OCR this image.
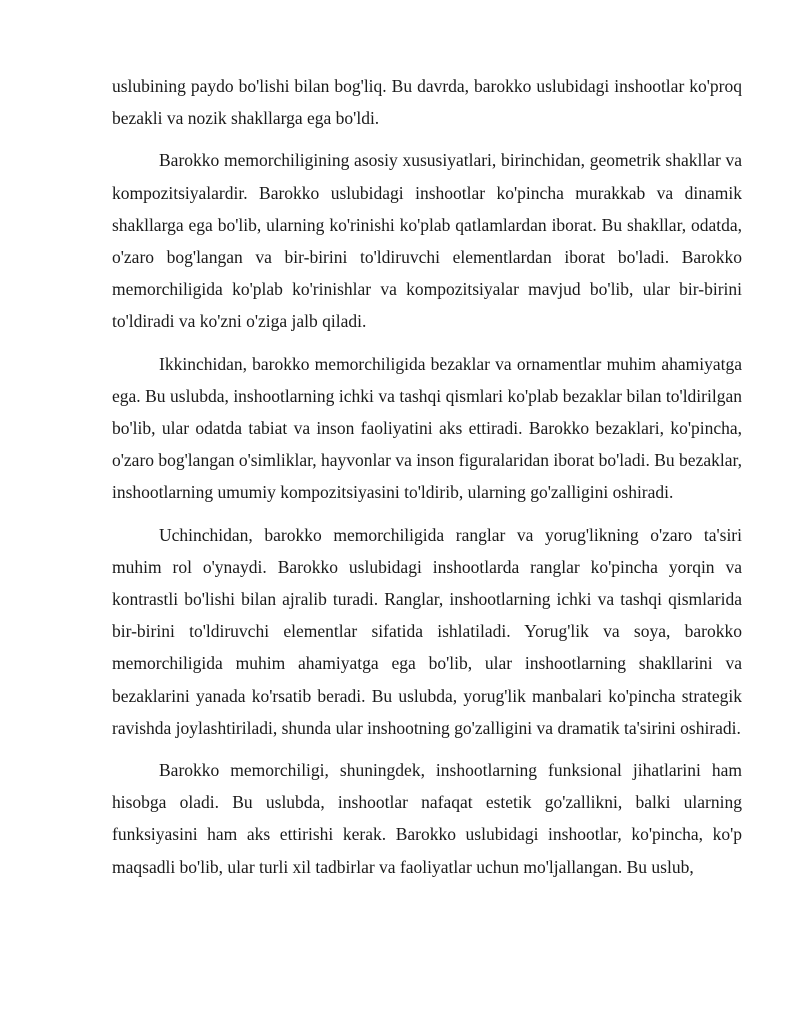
uslubining paydo bo'lishi bilan bog'liq. Bu davrda, barokko uslubidagi inshootlar ko'proq bezakli va nozik shakllarga ega bo'ldi.

Barokko memorchiligining asosiy xususiyatlari, birinchidan, geometrik shakllar va kompozitsiyalardir. Barokko uslubidagi inshootlar ko'pincha murakkab va dinamik shakllarga ega bo'lib, ularning ko'rinishi ko'plab qatlamlardan iborat. Bu shakllar, odatda, o'zaro bog'langan va bir-birini to'ldiruvchi elementlardan iborat bo'ladi. Barokko memorchiligida ko'plab ko'rinishlar va kompozitsiyalar mavjud bo'lib, ular bir-birini to'ldiradi va ko'zni o'ziga jalb qiladi.

Ikkinchidan, barokko memorchiligida bezaklar va ornamentlar muhim ahamiyatga ega. Bu uslubda, inshootlarning ichki va tashqi qismlari ko'plab bezaklar bilan to'ldirilgan bo'lib, ular odatda tabiat va inson faoliyatini aks ettiradi. Barokko bezaklari, ko'pincha, o'zaro bog'langan o'simliklar, hayvonlar va inson figuralaridan iborat bo'ladi. Bu bezaklar, inshootlarning umumiy kompozitsiyasini to'ldirib, ularning go'zalligini oshiradi.

Uchinchidan, barokko memorchiligida ranglar va yorug'likning o'zaro ta'siri muhim rol o'ynaydi. Barokko uslubidagi inshootlarda ranglar ko'pincha yorqin va kontrastli bo'lishi bilan ajralib turadi. Ranglar, inshootlarning ichki va tashqi qismlarida bir-birini to'ldiruvchi elementlar sifatida ishlatiladi. Yorug'lik va soya, barokko memorchiligida muhim ahamiyatga ega bo'lib, ular inshootlarning shakllarini va bezaklarini yanada ko'rsatib beradi. Bu uslubda, yorug'lik manbalari ko'pincha strategik ravishda joylashtiriladi, shunda ular inshootning go'zalligini va dramatik ta'sirini oshiradi.

Barokko memorchiligi, shuningdek, inshootlarning funksional jihatlarini ham hisobga oladi. Bu uslubda, inshootlar nafaqat estetik go'zallikni, balki ularning funksiyasini ham aks ettirishi kerak. Barokko uslubidagi inshootlar, ko'pincha, ko'p maqsadli bo'lib, ular turli xil tadbirlar va faoliyatlar uchun mo'ljallangan. Bu uslub,
